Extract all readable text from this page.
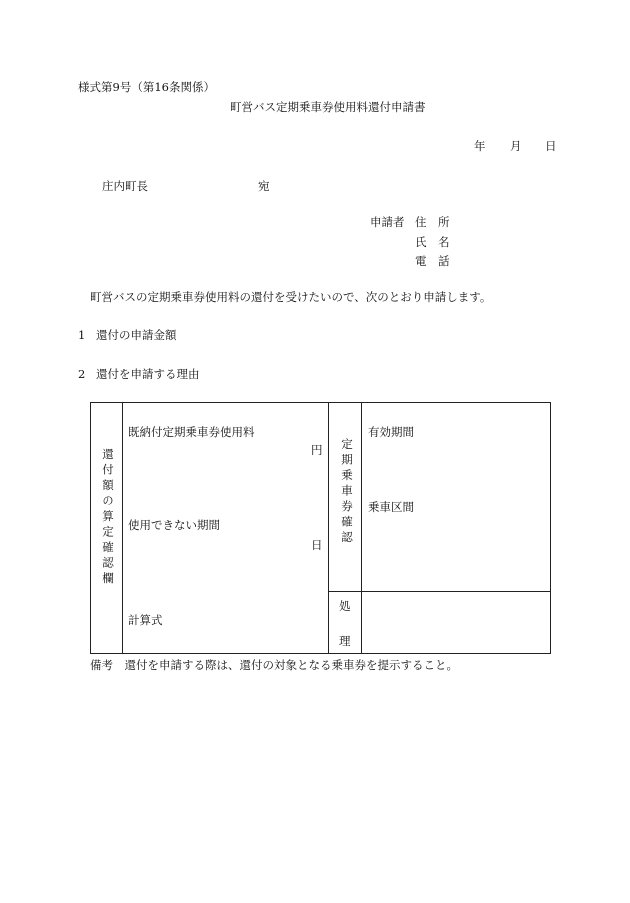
様式第9号（第16条関係）
町営バス定期乗車券使用料還付申請書
年 月 日
庄内町長	宛
申請者 住　所
氏　名
電　話
町営バスの定期乗車券使用料の還付を受けたいので、次のとおり申請します。
1 還付の申請金額
2 還付を申請する理由
還付額の算定確認欄
既納付定期乗車券使用料
円
使用できない期間
日
計算式
定期乗車券確認
有効期間
乗車区間
処
理
備考　還付を申請する際は、還付の対象となる乗車券を提示すること。
